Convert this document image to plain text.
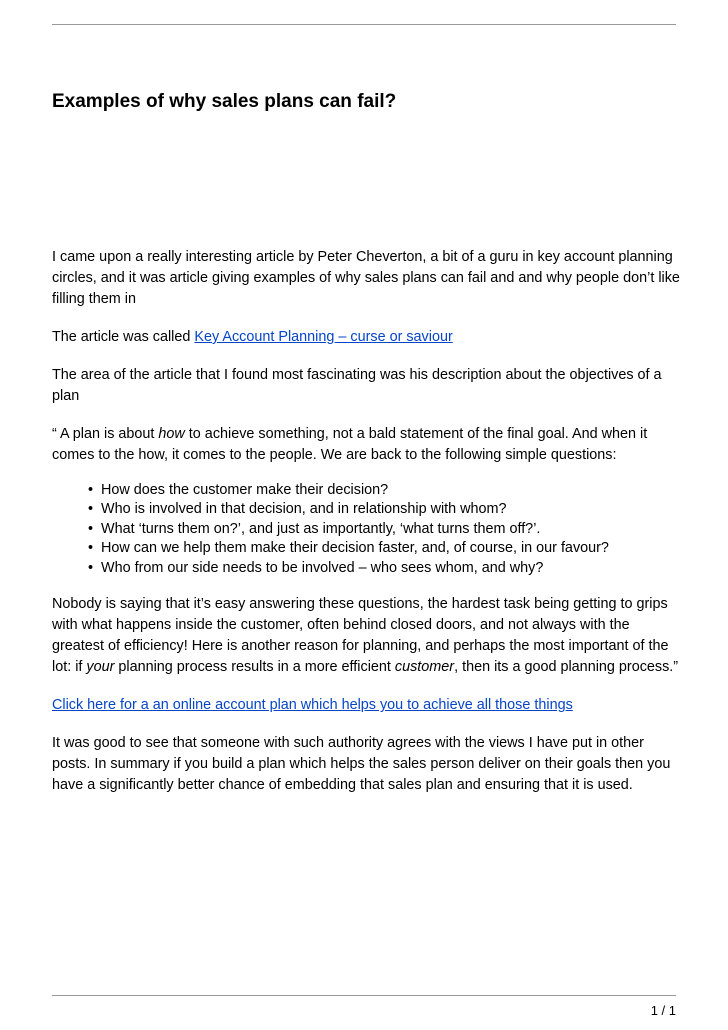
Examples of why sales plans can fail?

I came upon a really interesting article by Peter Cheverton, a bit of a guru in key account planning circles, and it was article giving examples of why sales plans can fail and and why people don’t like filling them in

The article was called Key Account Planning – curse or saviour

The area of the article that I found most fascinating was his description about the objectives of a plan

“ A plan is about how to achieve something, not a bald statement of the final goal. And when it comes to the how, it comes to the people. We are back to the following simple questions:

• How does the customer make their decision?
• Who is involved in that decision, and in relationship with whom?
• What ‘turns them on?’, and just as importantly, ‘what turns them off?’.
• How can we help them make their decision faster, and, of course, in our favour?
• Who from our side needs to be involved – who sees whom, and why?

Nobody is saying that it’s easy answering these questions, the hardest task being getting to grips with what happens inside the customer, often behind closed doors, and not always with the greatest of efficiency! Here is another reason for planning, and perhaps the most important of the lot: if your planning process results in a more efficient customer, then its a good planning process.”

Click here for a an online account plan which helps you to achieve all those things

It was good to see that someone with such authority agrees with the views I have put in other posts. In summary if you build a plan which helps the sales person deliver on their goals then you have a significantly better chance of embedding that sales plan and ensuring that it is used.

1 / 1
